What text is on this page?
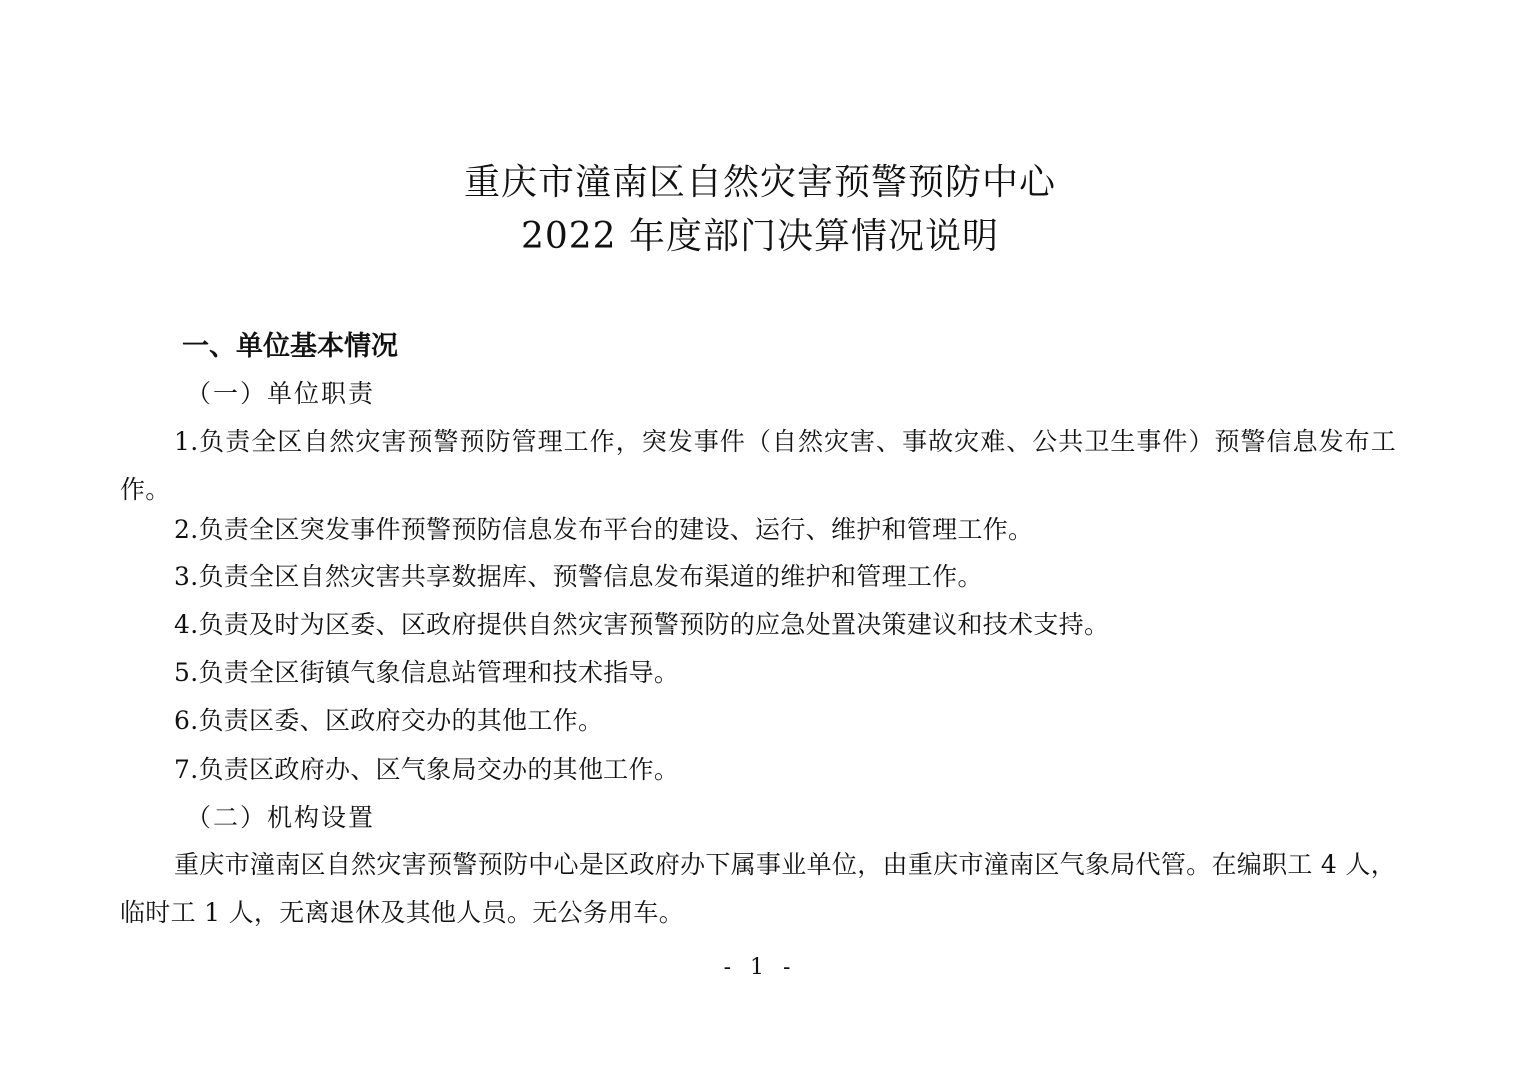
重庆市潼南区自然灾害预警预防中心
2022 年度部门决算情况说明
一、单位基本情况
（一）单位职责
1.负责全区自然灾害预警预防管理工作，突发事件（自然灾害、事故灾难、公共卫生事件）预警信息发布工作。
2.负责全区突发事件预警预防信息发布平台的建设、运行、维护和管理工作。
3.负责全区自然灾害共享数据库、预警信息发布渠道的维护和管理工作。
4.负责及时为区委、区政府提供自然灾害预警预防的应急处置决策建议和技术支持。
5.负责全区街镇气象信息站管理和技术指导。
6.负责区委、区政府交办的其他工作。
7.负责区政府办、区气象局交办的其他工作。
（二）机构设置
重庆市潼南区自然灾害预警预防中心是区政府办下属事业单位，由重庆市潼南区气象局代管。在编职工 4 人，临时工 1 人，无离退休及其他人员。无公务用车。
- 1 -
